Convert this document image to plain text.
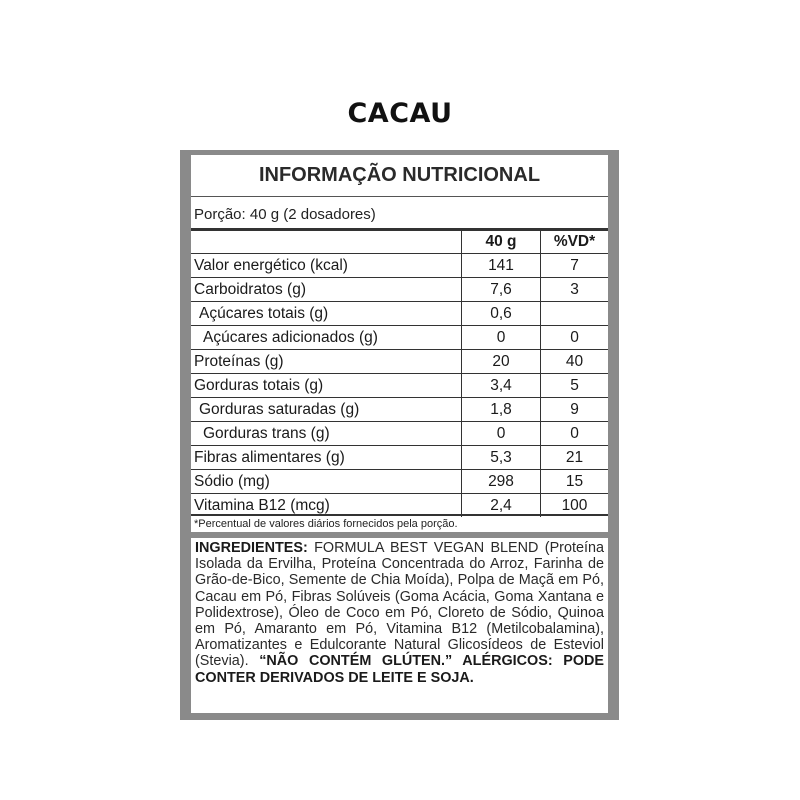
CACAU
INFORMAÇÃO NUTRICIONAL
Porção: 40 g (2 dosadores)
	40 g	%VD*
Valor energético (kcal)	141	7
Carboidratos (g)	7,6	3
Açúcares totais (g)	0,6	
Açúcares adicionados (g)	0	0
Proteínas (g)	20	40
Gorduras totais (g)	3,4	5
Gorduras saturadas (g)	1,8	9
Gorduras trans (g)	0	0
Fibras alimentares (g)	5,3	21
Sódio (mg)	298	15
Vitamina B12 (mcg)	2,4	100
*Percentual de valores diários fornecidos pela porção.
INGREDIENTES: FORMULA BEST VEGAN BLEND (Proteína Isolada da Ervilha, Proteína Concentrada do Arroz, Farinha de Grão-de-Bico, Semente de Chia Moída), Polpa de Maçã em Pó, Cacau em Pó, Fibras Solúveis (Goma Acácia, Goma Xantana e Polidextrose), Óleo de Coco em Pó, Cloreto de Sódio, Quinoa em Pó, Amaranto em Pó, Vitamina B12 (Metilcobalamina), Aromatizantes e Edulcorante Natural Glicosídeos de Esteviol (Stevia). “NÃO CONTÉM GLÚTEN.” ALÉRGICOS: PODE CONTER DERIVADOS DE LEITE E SOJA.
